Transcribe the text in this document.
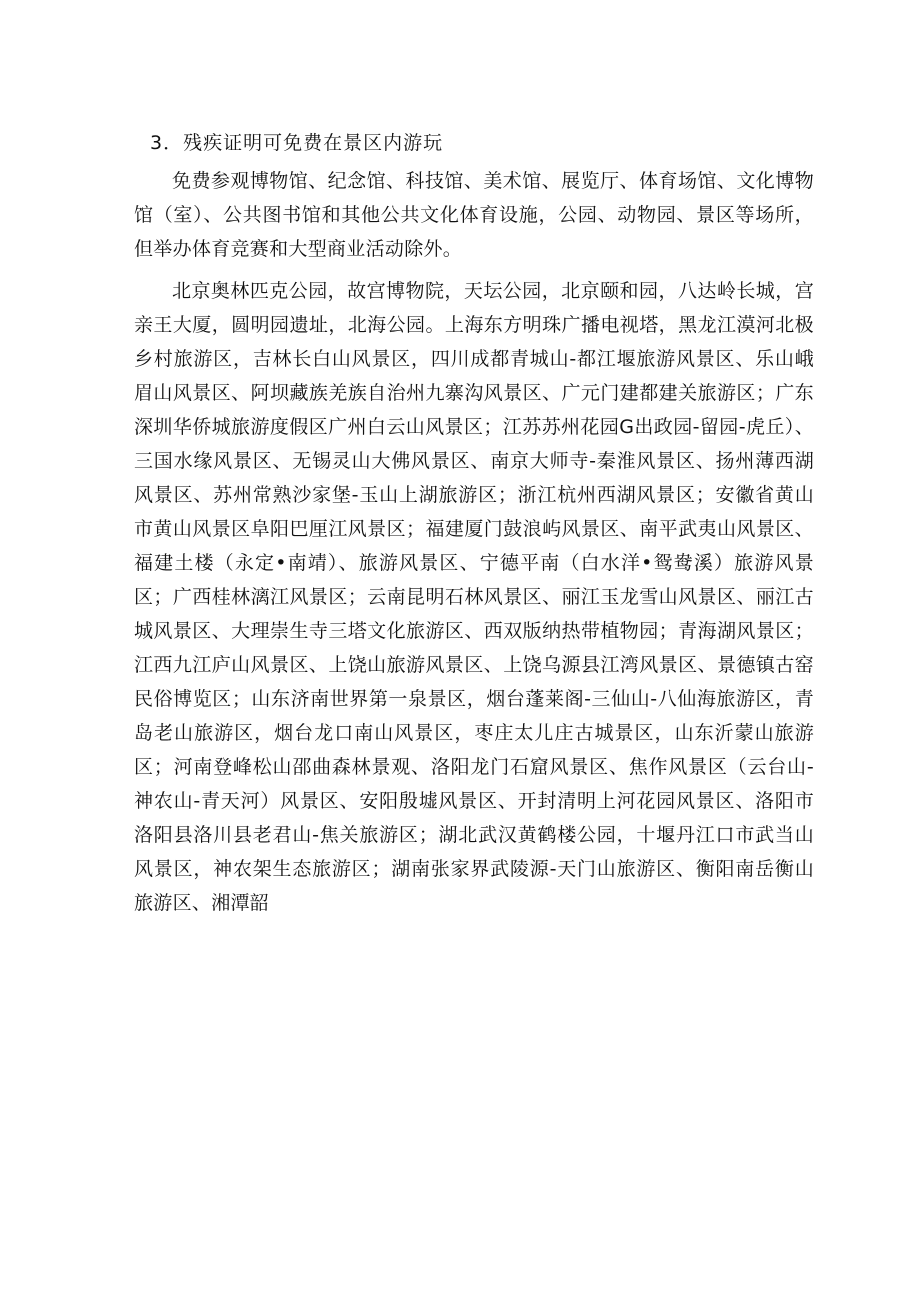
3．残疾证明可免费在景区内游玩

免费参观博物馆、纪念馆、科技馆、美术馆、展览厅、体育场馆、文化博物馆（室）、公共图书馆和其他公共文化体育设施，公园、动物园、景区等场所，但举办体育竞赛和大型商业活动除外。

北京奥林匹克公园，故宫博物院，天坛公园，北京颐和园，八达岭长城，宫亲王大厦，圆明园遗址，北海公园。上海东方明珠广播电视塔，黑龙江漠河北极乡村旅游区，吉林长白山风景区，四川成都青城山-都江堰旅游风景区、乐山峨眉山风景区、阿坝藏族羌族自治州九寨沟风景区、广元门建都建关旅游区；广东深圳华侨城旅游度假区广州白云山风景区；江苏苏州花园G出政园-留园-虎丘）、三国水缘风景区、无锡灵山大佛风景区、南京大师寺-秦淮风景区、扬州薄西湖风景区、苏州常熟沙家堡-玉山上湖旅游区；浙江杭州西湖风景区；安徽省黄山市黄山风景区阜阳巴厘江风景区；福建厦门鼓浪屿风景区、南平武夷山风景区、福建土楼（永定•南靖）、旅游风景区、宁德平南（白水洋•鸳鸯溪）旅游风景区；广西桂林漓江风景区；云南昆明石林风景区、丽江玉龙雪山风景区、丽江古城风景区、大理崇生寺三塔文化旅游区、西双版纳热带植物园；青海湖风景区；江西九江庐山风景区、上饶山旅游风景区、上饶乌源县江湾风景区、景德镇古窑民俗博览区；山东济南世界第一泉景区，烟台蓬莱阁-三仙山-八仙海旅游区，青岛老山旅游区，烟台龙口南山风景区，枣庄太儿庄古城景区，山东沂蒙山旅游区；河南登峰松山邵曲森林景观、洛阳龙门石窟风景区、焦作风景区（云台山-神农山-青天河）风景区、安阳殷墟风景区、开封清明上河花园风景区、洛阳市洛阳县洛川县老君山-焦关旅游区；湖北武汉黄鹤楼公园，十堰丹江口市武当山风景区，神农架生态旅游区；湖南张家界武陵源-天门山旅游区、衡阳南岳衡山旅游区、湘潭韶
